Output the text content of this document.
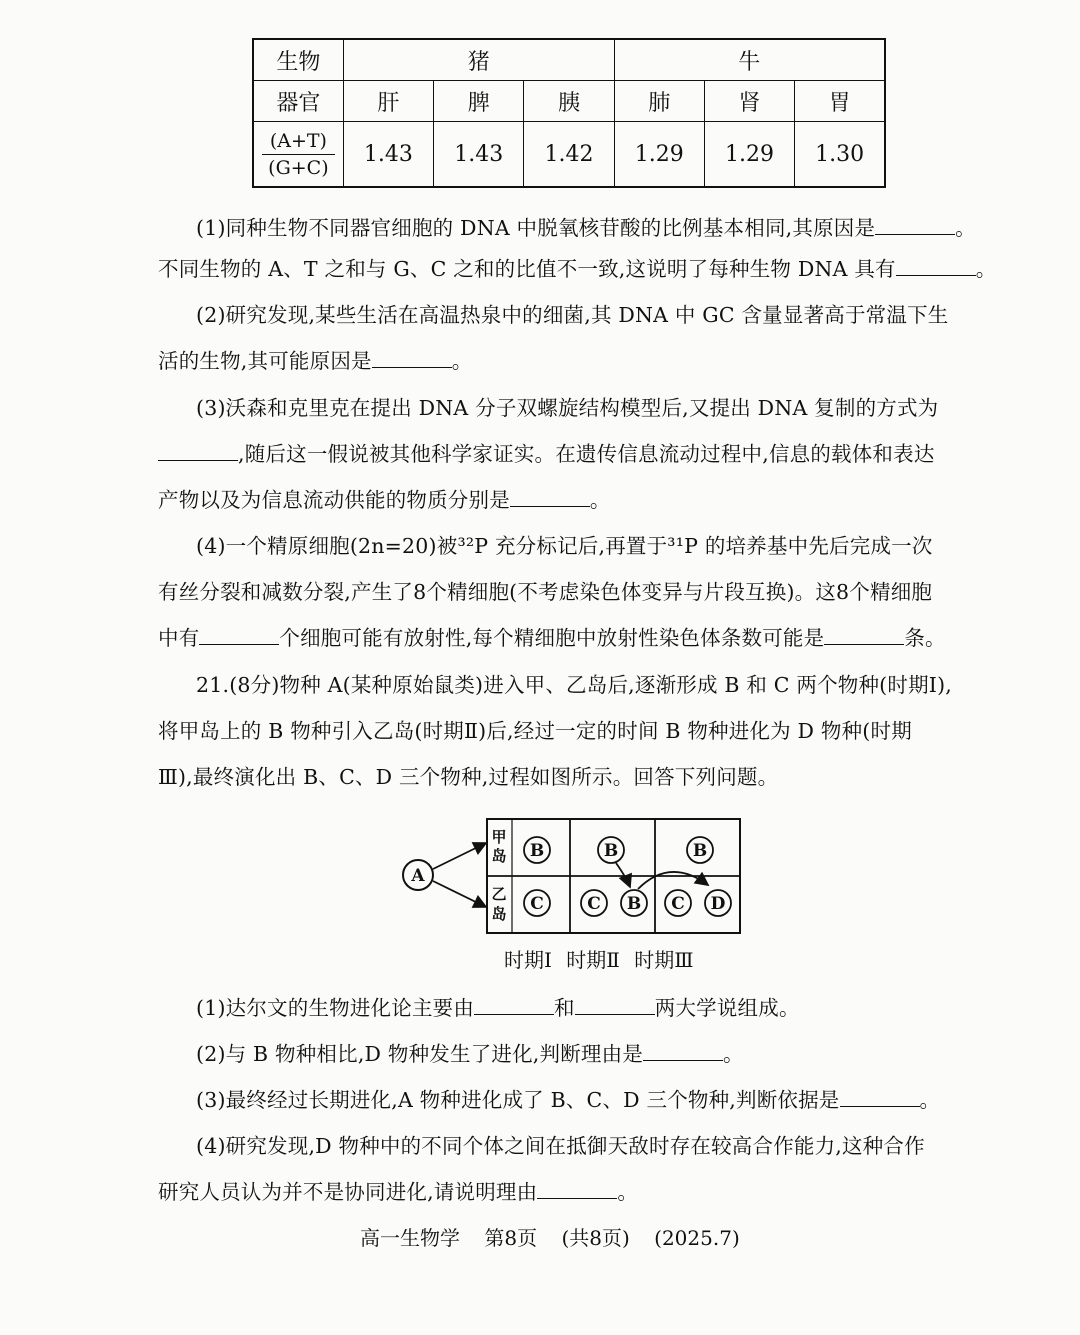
生物	猪			牛		
器官	肝	脾	胰	肺	肾	胃

$\frac{(A+T)}{(G+C)}$	1.43	1.43	1.42	1.29	1.29	1.30
(1)同种生物不同器官细胞的 DNA 中脱氧核苷酸的比例基本相同,其原因是	。
不同生物的 A、T 之和与 G、C 之和的比值不一致,这说明了每种生物 DNA 具有	。
(2)研究发现,某些生活在高温热泉中的细菌,其 DNA 中 GC 含量显著高于常温下生
活的生物,其可能原因是	。
(3)沃森和克里克在提出 DNA 分子双螺旋结构模型后,又提出 DNA 复制的方式为
,随后这一假说被其他科学家证实。在遗传信息流动过程中,信息的载体和表达
产物以及为信息流动供能的物质分别是	。
(4)一个精原细胞(2n=20)被³²P 充分标记后,再置于³¹P 的培养基中先后完成一次
有丝分裂和减数分裂,产生了8个精细胞(不考虑染色体变异与片段互换)。这8个精细胞
中有	个细胞可能有放射性,每个精细胞中放射性染色体条数可能是	条。
21.(8分)物种 A(某种原始鼠类)进入甲、乙岛后,逐渐形成 B 和 C 两个物种(时期Ⅰ),
将甲岛上的 B 物种引入乙岛(时期Ⅱ)后,经过一定的时间 B 物种进化为 D 物种(时期
Ⅲ),最终演化出 B、C、D 三个物种,过程如图所示。回答下列问题。
A
甲
岛
乙
岛
B
C
B
C B
B
C D
时期Ⅰ 时期Ⅱ 时期Ⅲ
(1)达尔文的生物进化论主要由	和	两大学说组成。
(2)与 B 物种相比,D 物种发生了进化,判断理由是	。
(3)最终经过长期进化,A 物种进化成了 B、C、D 三个物种,判断依据是	。
(4)研究发现,D 物种中的不同个体之间在抵御天敌时存在较高合作能力,这种合作
研究人员认为并不是协同进化,请说明理由	。
高一生物学 第8页 (共8页) (2025.7)
